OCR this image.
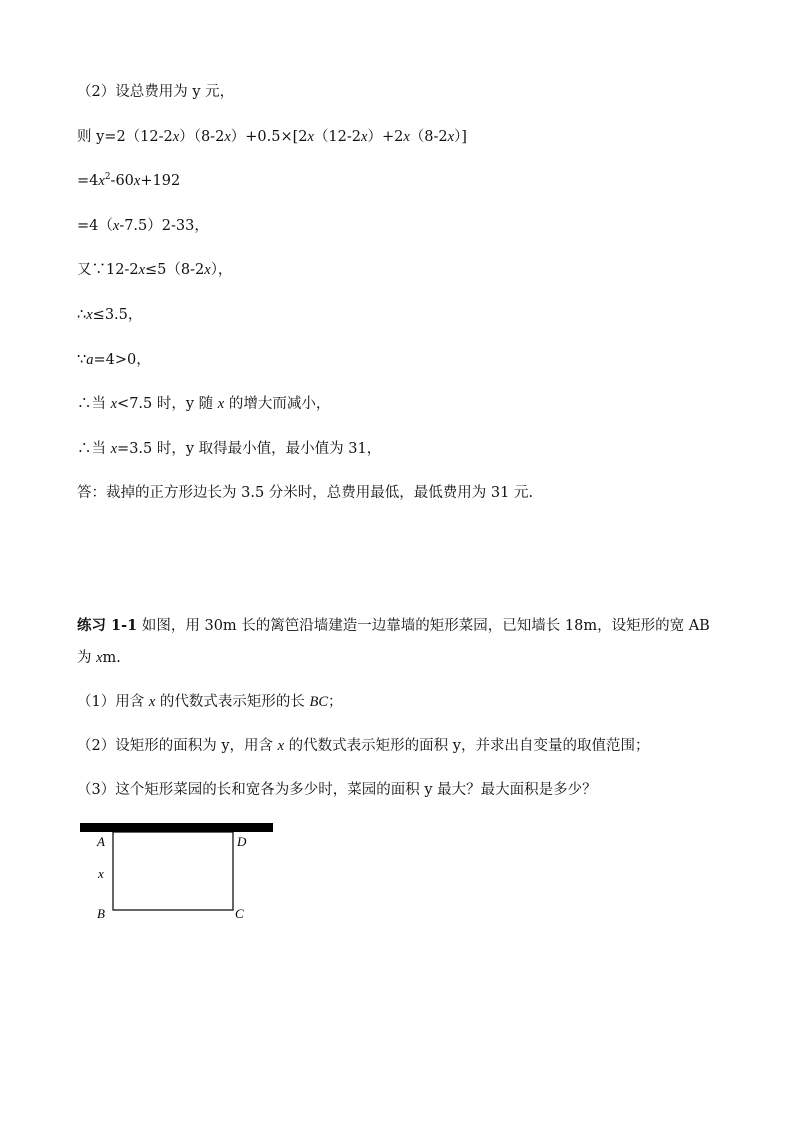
（2）设总费用为 y 元，
则 y=2（12-2x）（8-2x）+0.5×[2x（12-2x）+2x（8-2x）]
$=4x^2-60x+192$
=4（x-7.5）2-33，
又∵12-2x≤5（8-2x），
∴x≤3.5，
∵a=4>0，
∴当 x<7.5 时，y 随 x 的增大而减小，
∴当 x=3.5 时，y 取得最小值，最小值为 31，
答：裁掉的正方形边长为 3.5 分米时，总费用最低，最低费用为 31 元.
练习 1-1 如图，用 30m 长的篱笆沿墙建造一边靠墙的矩形菜园，已知墙长 18m，设矩形的宽 AB
为 xm.
（1）用含 x 的代数式表示矩形的长 BC；
（2）设矩形的面积为 y，用含 x 的代数式表示矩形的面积 y，并求出自变量的取值范围；
（3）这个矩形菜园的长和宽各为多少时，菜园的面积 y 最大？最大面积是多少？
A	D
x
B	C
